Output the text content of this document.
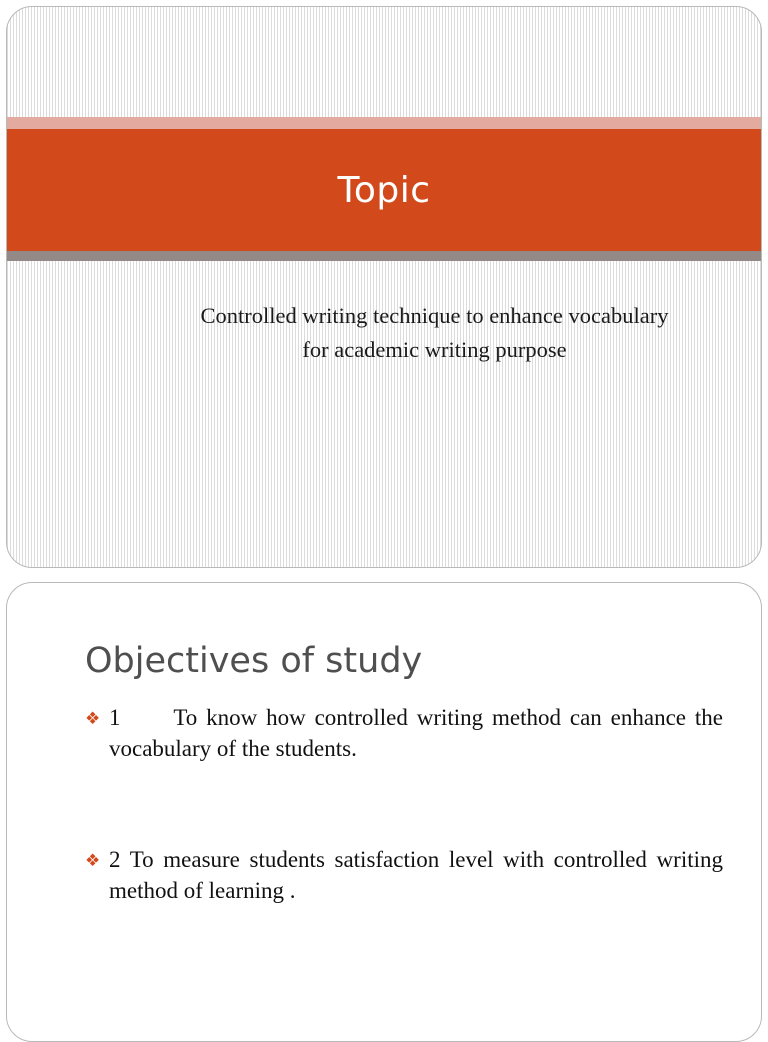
Topic
Controlled writing technique to enhance vocabulary
for academic writing purpose
Objectives of study
❖ 1      To know how controlled writing method can enhance the vocabulary of the students.
❖ 2 To measure students satisfaction level with controlled writing method of learning .
